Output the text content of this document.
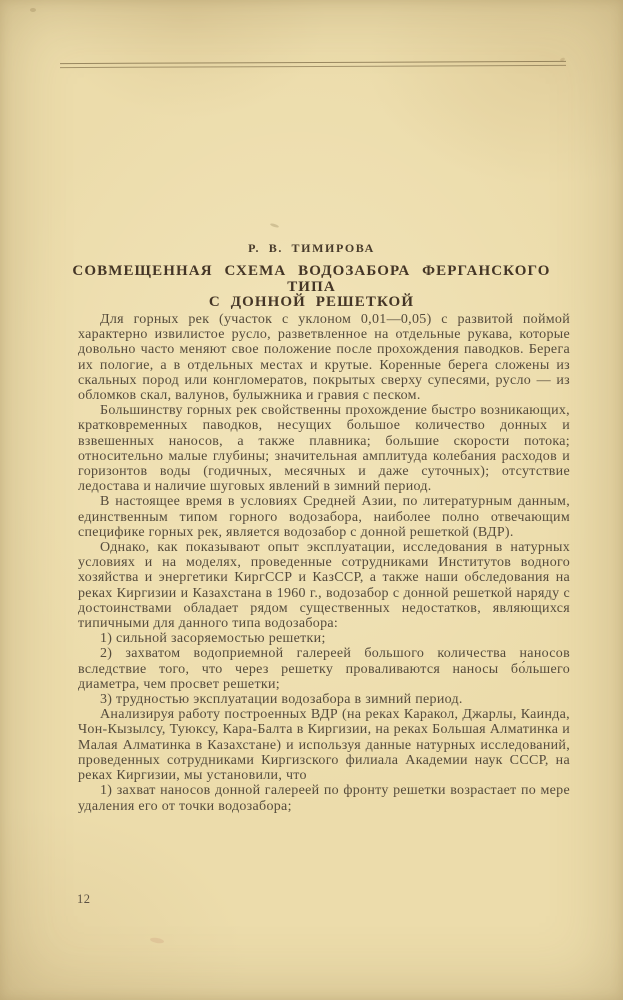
Р. В. ТИМИРОВА
СОВМЕЩЕННАЯ СХЕМА ВОДОЗАБОРА ФЕРГАНСКОГО ТИПА
С ДОННОЙ РЕШЕТКОЙ

Для горных рек (участок с уклоном 0,01—0,05) с развитой поймой характерно извилистое русло, разветвленное на отдельные рукава, которые довольно часто меняют свое положение после прохождения паводков. Берега их пологие, а в отдельных местах и крутые. Коренные берега сложены из скальных пород или конгломератов, покрытых сверху супесями, русло — из обломков скал, валунов, булыжника и гравия с песком.

Большинству горных рек свойственны прохождение быстро возникающих, кратковременных паводков, несущих большое количество донных и взвешенных наносов, а также плавника; большие скорости потока; относительно малые глубины; значительная амплитуда колебания расходов и горизонтов воды (годичных, месячных и даже суточных); отсутствие ледостава и наличие шуговых явлений в зимний период.

В настоящее время в условиях Средней Азии, по литературным данным, единственным типом горного водозабора, наиболее полно отвечающим специфике горных рек, является водозабор с донной решеткой (ВДР).

Однако, как показывают опыт эксплуатации, исследования в натурных условиях и на моделях, проведенные сотрудниками Институтов водного хозяйства и энергетики КиргССР и КазССР, а также наши обследования на реках Киргизии и Казахстана в 1960 г., водозабор с донной решеткой наряду с достоинствами обладает рядом существенных недостатков, являющихся типичными для данного типа водозабора:

1) сильной засоряемостью решетки;

2) захватом водоприемной галереей большого количества наносов вследствие того, что через решетку проваливаются наносы бо́льшего диаметра, чем просвет решетки;

3) трудностью эксплуатации водозабора в зимний период.

Анализируя работу построенных ВДР (на реках Каракол, Джарлы, Каинда, Чон-Кызылсу, Туюксу, Кара-Балта в Киргизии, на реках Большая Алматинка и Малая Алматинка в Казахстане) и используя данные натурных исследований, проведенных сотрудниками Киргизского филиала Академии наук СССР, на реках Киргизии, мы установили, что

1) захват наносов донной галереей по фронту решетки возрастает по мере удаления его от точки водозабора;

12
